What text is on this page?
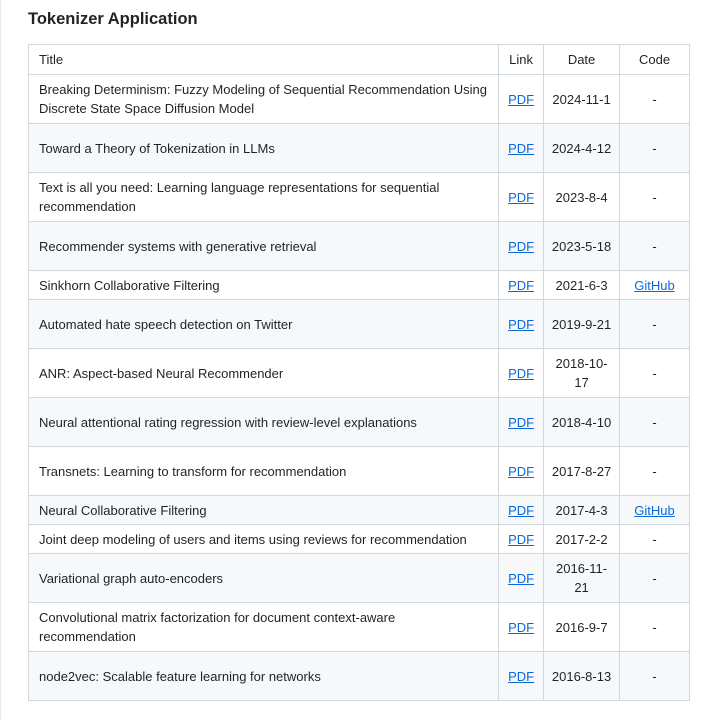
Tokenizer Application
Title	Link	Date	Code
Breaking Determinism: Fuzzy Modeling of Sequential Recommendation Using Discrete State Space Diffusion Model	PDF	2024-11-1	-
Toward a Theory of Tokenization in LLMs	PDF	2024-4-12	-
Text is all you need: Learning language representations for sequential recommendation	PDF	2023-8-4	-
Recommender systems with generative retrieval	PDF	2023-5-18	-
Sinkhorn Collaborative Filtering	PDF	2021-6-3	GitHub
Automated hate speech detection on Twitter	PDF	2019-9-21	-
ANR: Aspect-based Neural Recommender	PDF	2018-10-17	-
Neural attentional rating regression with review-level explanations	PDF	2018-4-10	-
Transnets: Learning to transform for recommendation	PDF	2017-8-27	-
Neural Collaborative Filtering	PDF	2017-4-3	GitHub
Joint deep modeling of users and items using reviews for recommendation	PDF	2017-2-2	-
Variational graph auto-encoders	PDF	2016-11-21	-
Convolutional matrix factorization for document context-aware recommendation	PDF	2016-9-7	-
node2vec: Scalable feature learning for networks	PDF	2016-8-13	-
